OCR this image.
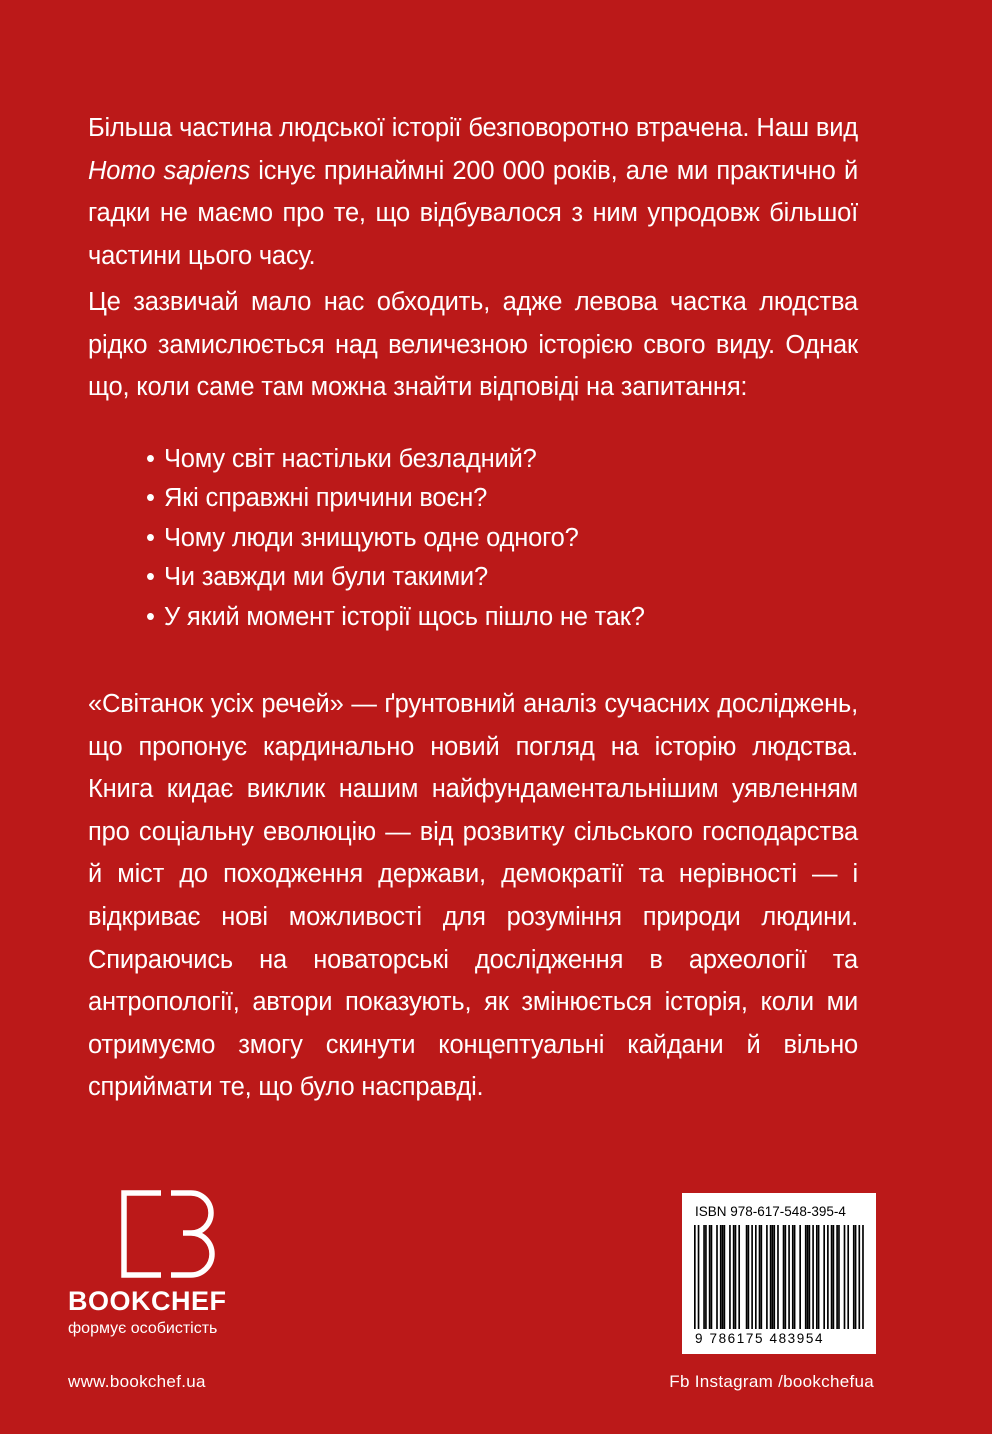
Більша частина людської історії безповоротно втрачена. Наш вид Homo sapiens існує принаймні 200 000 років, але ми практично й гадки не маємо про те, що відбувалося з ним упродовж більшої частини цього часу.
Це зазвичай мало нас обходить, адже левова частка людства рідко замислюється над величезною історією свого виду. Однак що, коли саме там можна знайти відповіді на запитання:
• Чому світ настільки безладний?
• Які справжні причини воєн?
• Чому люди знищують одне одного?
• Чи завжди ми були такими?
• У який момент історії щось пішло не так?
«Світанок усіх речей» — ґрунтовний аналіз сучасних досліджень, що пропонує кардинально новий погляд на історію людства. Книга кидає виклик нашим найфундаментальнішим уявленням про соціальну еволюцію — від розвитку сільського господарства й міст до походження держави, демократії та нерівності — і відкриває нові можливості для розуміння природи людини. Спираючись на новаторські дослідження в археології та антропології, автори показують, як змінюється історія, коли ми отримуємо змогу скинути концептуальні кайдани й вільно сприймати те, що було насправді.
BOOKCHEF
формує особистість
www.bookchef.ua
ISBN 978-617-548-395-4
9 786175 483954
Fb Instagram /bookchefua
